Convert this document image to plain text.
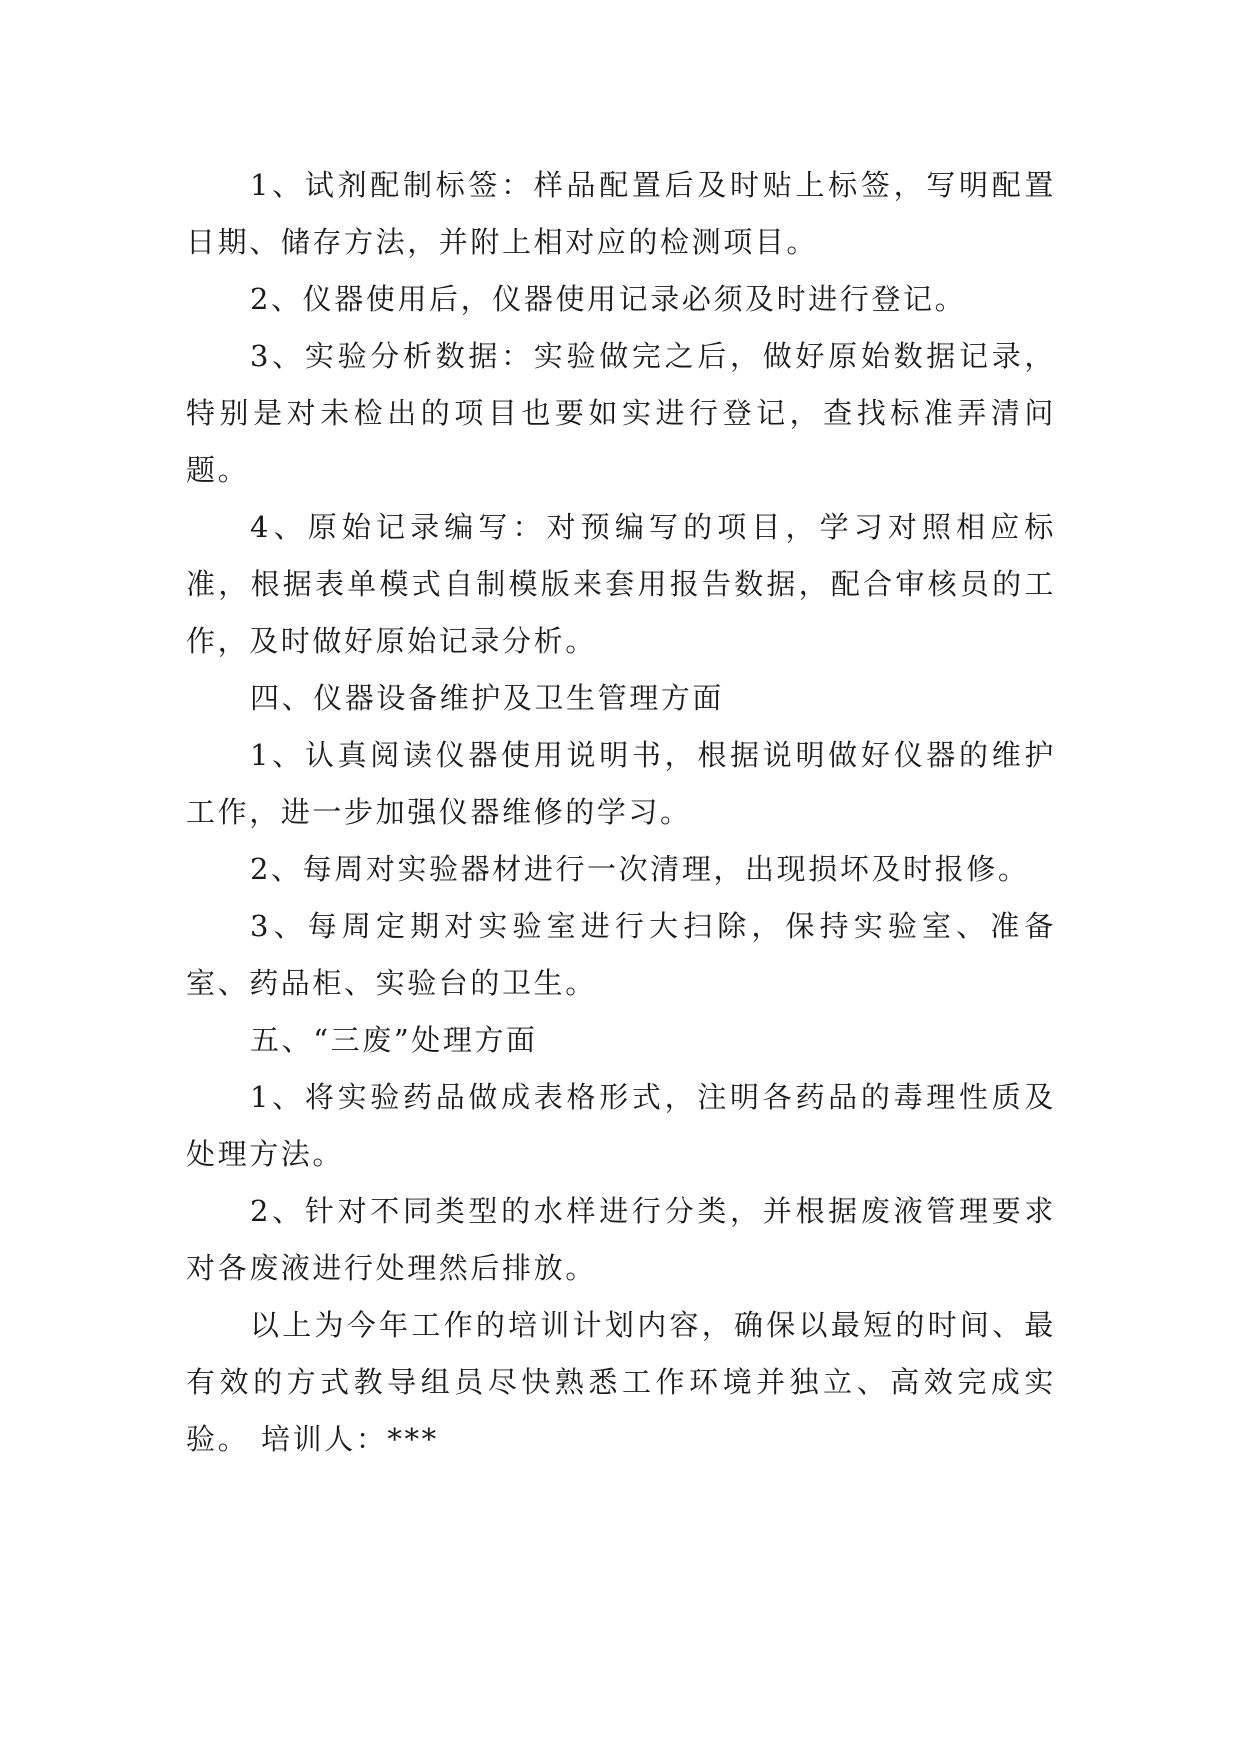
1、试剂配制标签：样品配置后及时贴上标签，写明配置日期、储存方法，并附上相对应的检测项目。

2、仪器使用后，仪器使用记录必须及时进行登记。

3、实验分析数据：实验做完之后，做好原始数据记录，特别是对未检出的项目也要如实进行登记，查找标准弄清问题。

4、原始记录编写：对预编写的项目，学习对照相应标准，根据表单模式自制模版来套用报告数据，配合审核员的工作，及时做好原始记录分析。

四、仪器设备维护及卫生管理方面

1、认真阅读仪器使用说明书，根据说明做好仪器的维护工作，进一步加强仪器维修的学习。

2、每周对实验器材进行一次清理，出现损坏及时报修。

3、每周定期对实验室进行大扫除，保持实验室、准备室、药品柜、实验台的卫生。

五、“三废”处理方面

1、将实验药品做成表格形式，注明各药品的毒理性质及处理方法。

2、针对不同类型的水样进行分类，并根据废液管理要求对各废液进行处理然后排放。

以上为今年工作的培训计划内容，确保以最短的时间、最有效的方式教导组员尽快熟悉工作环境并独立、高效完成实验。 培训人：***
